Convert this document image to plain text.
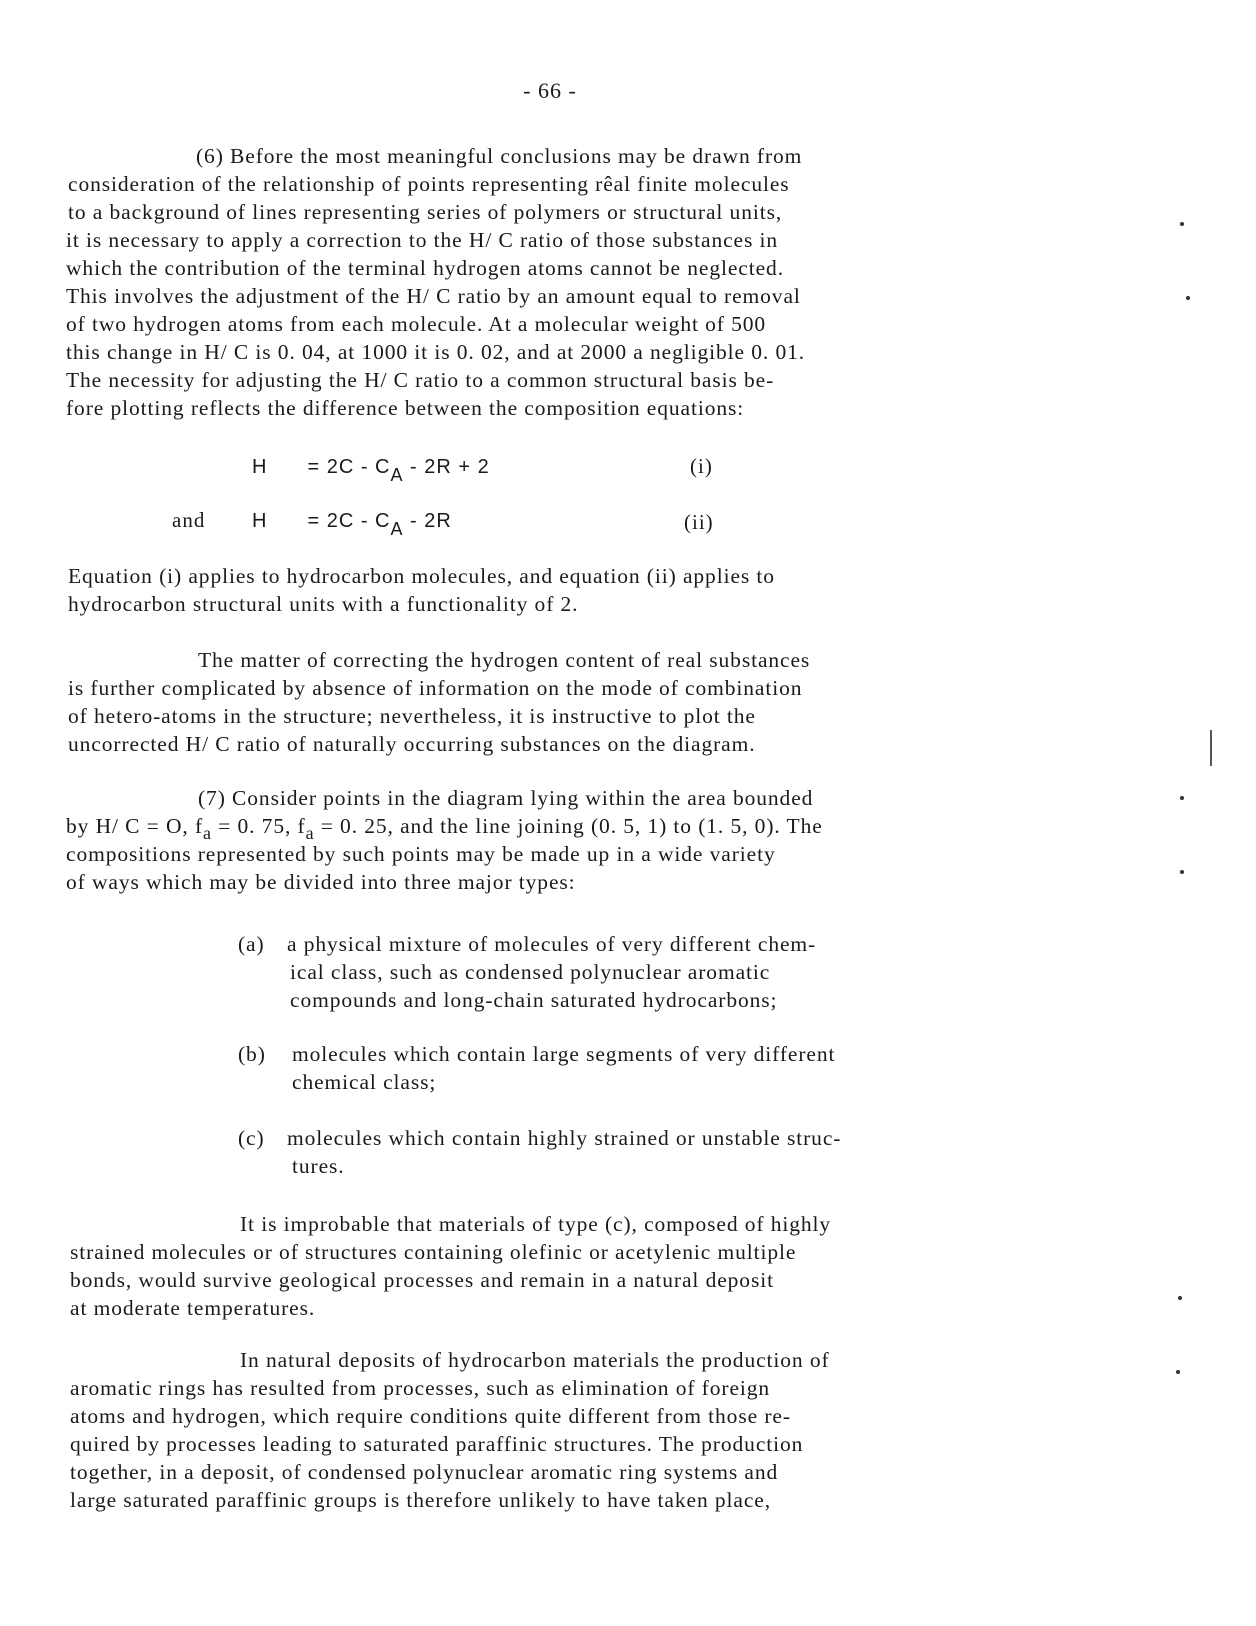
- 66 -
(6) Before the most meaningful conclusions may be drawn from
consideration of the relationship of points representing rêal finite molecules
to a background of lines representing series of polymers or structural units,
it is necessary to apply a correction to the H/ C ratio of those substances in
which the contribution of the terminal hydrogen atoms cannot be neglected.
This involves the adjustment of the H/ C ratio by an amount equal to removal
of two hydrogen atoms from each molecule. At a molecular weight of 500
this change in H/ C is 0. 04, at 1000 it is 0. 02, and at 2000 a negligible 0. 01.
The necessity for adjusting the H/ C ratio to a common structural basis be-
fore plotting reflects the difference between the composition equations:
H = 2C - CA - 2R + 2	(i)
and H = 2C - CA - 2R	(ii)
Equation (i) applies to hydrocarbon molecules, and equation (ii) applies to
hydrocarbon structural units with a functionality of 2.
The matter of correcting the hydrogen content of real substances
is further complicated by absence of information on the mode of combination
of hetero-atoms in the structure; nevertheless, it is instructive to plot the
uncorrected H/ C ratio of naturally occurring substances on the diagram.
(7) Consider points in the diagram lying within the area bounded
by H/ C = O, $f_a = 0$. 75, $f_a = 0$. 25, and the line joining (0. 5, 1) to (1. 5, 0). The
compositions represented by such points may be made up in a wide variety
of ways which may be divided into three major types:
(a) a physical mixture of molecules of very different chem-
ical class, such as condensed polynuclear aromatic
compounds and long-chain saturated hydrocarbons;
(b) molecules which contain large segments of very different
chemical class;
(c) molecules which contain highly strained or unstable struc-
tures.
It is improbable that materials of type (c), composed of highly
strained molecules or of structures containing olefinic or acetylenic multiple
bonds, would survive geological processes and remain in a natural deposit
at moderate temperatures.
In natural deposits of hydrocarbon materials the production of
aromatic rings has resulted from processes, such as elimination of foreign
atoms and hydrogen, which require conditions quite different from those re-
quired by processes leading to saturated paraffinic structures. The production
together, in a deposit, of condensed polynuclear aromatic ring systems and
large saturated paraffinic groups is therefore unlikely to have taken place,
